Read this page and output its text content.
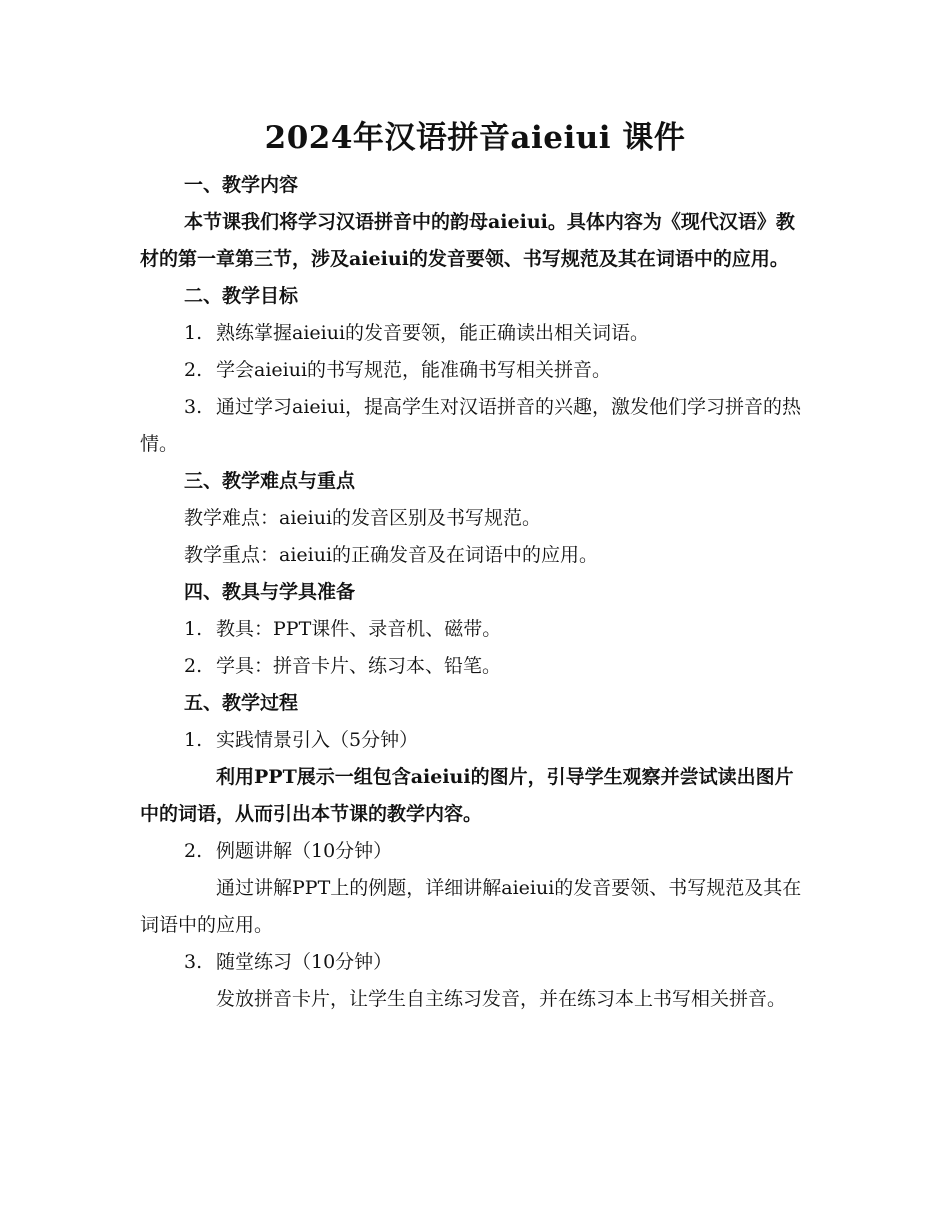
2024年汉语拼音aieiui 课件

一、教学内容

本节课我们将学习汉语拼音中的韵母aieiui。具体内容为《现代汉语》教材的第一章第三节，涉及aieiui的发音要领、书写规范及其在词语中的应用。

二、教学目标

1. 熟练掌握aieiui的发音要领，能正确读出相关词语。

2. 学会aieiui的书写规范，能准确书写相关拼音。

3. 通过学习aieiui，提高学生对汉语拼音的兴趣，激发他们学习拼音的热情。

三、教学难点与重点

教学难点：aieiui的发音区别及书写规范。

教学重点：aieiui的正确发音及在词语中的应用。

四、教具与学具准备

1. 教具：PPT课件、录音机、磁带。

2. 学具：拼音卡片、练习本、铅笔。

五、教学过程

1. 实践情景引入（5分钟）

利用PPT展示一组包含aieiui的图片，引导学生观察并尝试读出图片中的词语，从而引出本节课的教学内容。

2. 例题讲解（10分钟）

通过讲解PPT上的例题，详细讲解aieiui的发音要领、书写规范及其在词语中的应用。

3. 随堂练习（10分钟）

发放拼音卡片，让学生自主练习发音，并在练习本上书写相关拼音。
